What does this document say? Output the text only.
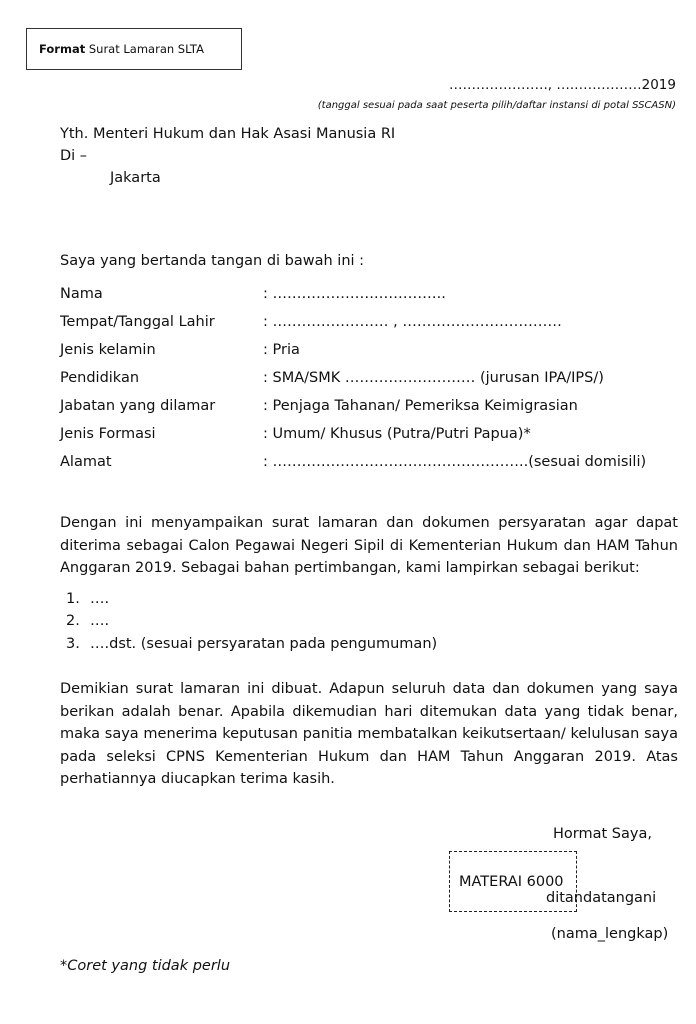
Format Surat Lamaran SLTA
…………………., ….……………2019
(tanggal sesuai pada saat peserta pilih/daftar instansi di potal SSCASN)
Yth. Menteri Hukum dan Hak Asasi Manusia RI
Di –
Jakarta
Saya yang bertanda tangan di bawah ini :
Nama	: ………………….…………..
Tempat/Tanggal Lahir	: …………………… , ……………………………
Jenis kelamin	: Pria
Pendidikan	: SMA/SMK ……………………… (jurusan IPA/IPS/)
Jabatan yang dilamar	: Penjaga Tahanan/ Pemeriksa Keimigrasian
Jenis Formasi	: Umum/ Khusus (Putra/Putri Papua)*
Alamat	: ……………………………………………..(sesuai domisili)
Dengan ini menyampaikan surat lamaran dan dokumen persyaratan agar dapat diterima sebagai Calon Pegawai Negeri Sipil di Kementerian Hukum dan HAM Tahun Anggaran 2019. Sebagai bahan pertimbangan, kami lampirkan sebagai berikut:
1. ….
2. ….
3. ….dst. (sesuai persyaratan pada pengumuman)
Demikian surat lamaran ini dibuat. Adapun seluruh data dan dokumen yang saya berikan adalah benar. Apabila dikemudian hari ditemukan data yang tidak benar, maka saya menerima keputusan panitia membatalkan keikutsertaan/ kelulusan saya pada seleksi CPNS Kementerian Hukum dan HAM Tahun Anggaran 2019. Atas perhatiannya diucapkan terima kasih.
Hormat Saya,
MATERAI 6000
ditandatangani
(nama_lengkap)
*Coret yang tidak perlu
